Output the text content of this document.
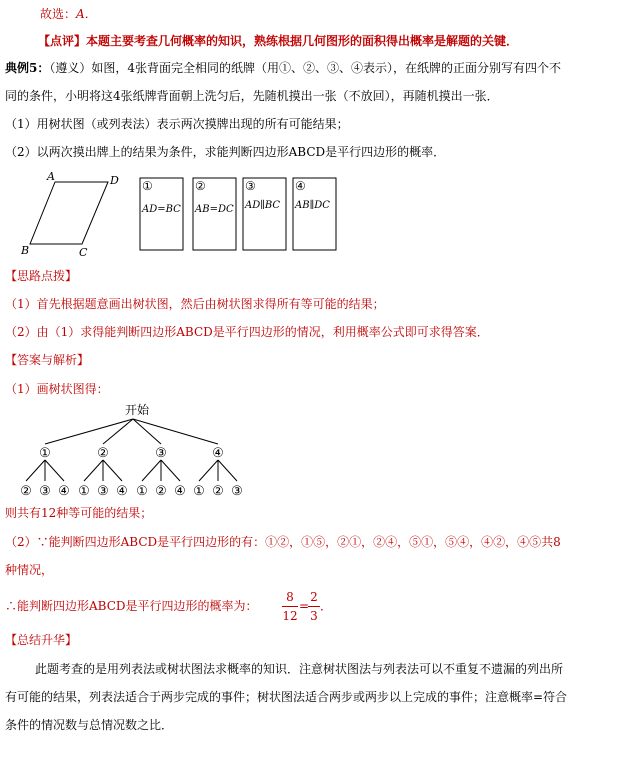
故选：A．
【点评】本题主要考查几何概率的知识，熟练根据几何图形的面积得出概率是解题的关键．
典例5：（遵义）如图，4张背面完全相同的纸牌（用①、②、③、④表示），在纸牌的正面分别写有四个不
同的条件，小明将这4张纸牌背面朝上洗匀后，先随机摸出一张（不放回），再随机摸出一张．
（1）用树状图（或列表法）表示两次摸牌出现的所有可能结果；
（2）以两次摸出牌上的结果为条件，求能判断四边形ABCD是平行四边形的概率．
A	D
B	C
①
AD=BC
②
AB=DC
③
AD∥BC
④
AB∥DC
【思路点拨】
（1）首先根据题意画出树状图，然后由树状图求得所有等可能的结果；
（2）由（1）求得能判断四边形ABCD是平行四边形的情况，利用概率公式即可求得答案．
【答案与解析】
（1）画树状图得：
开始
①
② ③ ④
②
① ③ ④
③
① ② ④
④
① ② ③
则共有12种等可能的结果；
（2）∵能判断四边形ABCD是平行四边形的有：①②，①⑤，②①，②④，⑤①，⑤④，④②，④⑤共8
种情况，
∴能判断四边形ABCD是平行四边形的概率为：
8
12
=
2
3
．
【总结升华】
此题考查的是用列表法或树状图法求概率的知识．注意树状图法与列表法可以不重复不遗漏的列出所
有可能的结果，列表法适合于两步完成的事件；树状图法适合两步或两步以上完成的事件；注意概率=符合
条件的情况数与总情况数之比．
